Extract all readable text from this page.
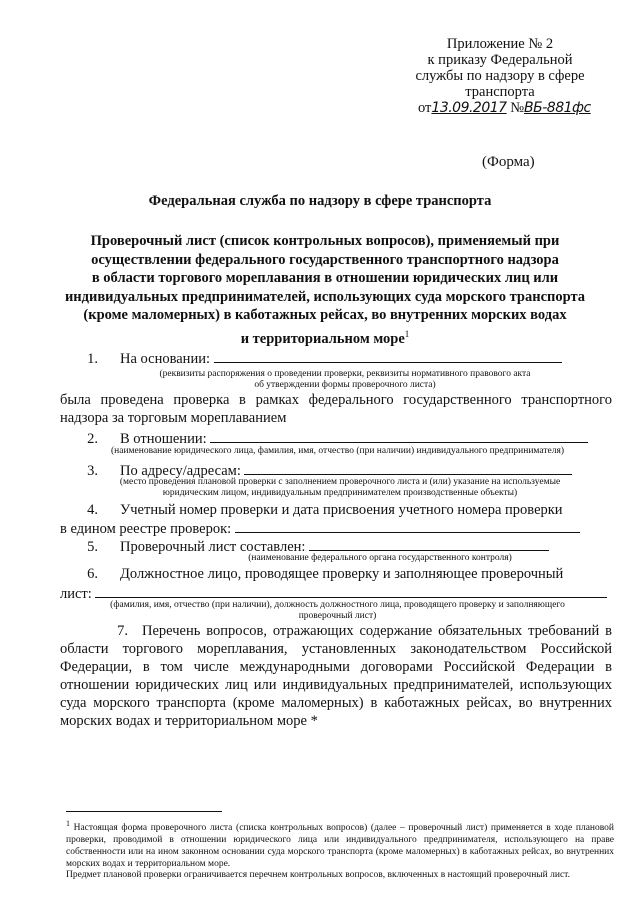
Приложение № 2
к приказу Федеральной
службы по надзору в сфере
транспорта
от13.09.2017 №ВБ-881фс
(Форма)
Федеральная служба по надзору в сфере транспорта
Проверочный лист (список контрольных вопросов), применяемый при
осуществлении федерального государственного транспортного надзора
в области торгового мореплавания в отношении юридических лиц или
индивидуальных предпринимателей, использующих суда морского транспорта
(кроме маломерных) в каботажных рейсах, во внутренних морских водах
и территориальном море$^1$
1. На основании:
(реквизиты распоряжения о проведении проверки, реквизиты нормативного правового акта
об утверждении формы проверочного листа)
была проведена проверка в рамках федерального государственного транспортного
надзора за торговым мореплаванием
2. В отношении:
(наименование юридического лица, фамилия, имя, отчество (при наличии) индивидуального предпринимателя)
3. По адресу/адресам:
(место проведения плановой проверки с заполнением проверочного листа и (или) указание на используемые
юридическим лицом, индивидуальным предпринимателем производственные объекты)
4. Учетный номер проверки и дата присвоения учетного номера проверки
в едином реестре проверок:
5. Проверочный лист составлен:
(наименование федерального органа государственного контроля)
6. Должностное лицо, проводящее проверку и заполняющее проверочный
лист:
(фамилия, имя, отчество (при наличии), должность должностного лица, проводящего проверку и заполняющего
проверочный лист)
7. Перечень вопросов, отражающих содержание обязательных требований в области торгового мореплавания, установленных законодательством Российской Федерации, в том числе международными договорами Российской Федерации в отношении юридических лиц или индивидуальных предпринимателей, использующих суда морского транспорта (кроме маломерных) в каботажных рейсах, во внутренних морских водах и территориальном море *

$^1$ Настоящая форма проверочного листа (списка контрольных вопросов) (далее – проверочный лист) применяется в ходе плановой проверки, проводимой в отношении юридического лица или индивидуального предпринимателя, использующего на праве собственности или на ином законном основании суда морского транспорта (кроме маломерных) в каботажных рейсах, во внутренних морских водах и территориальном море.

Предмет плановой проверки ограничивается перечнем контрольных вопросов, включенных в настоящий проверочный лист.
